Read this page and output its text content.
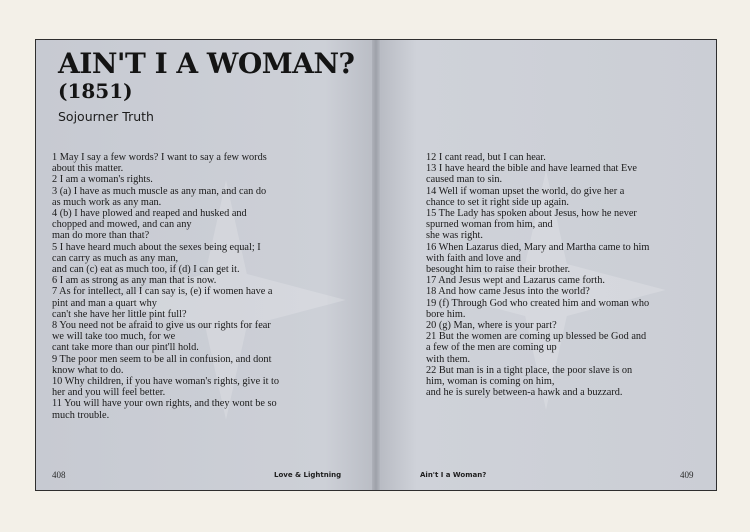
AIN'T I A WOMAN?
(1851)
Sojourner Truth
1 May I say a few words? I want to say a few words
about this matter.
2 I am a woman's rights.
3 (a) I have as much muscle as any man, and can do
as much work as any man.
4 (b) I have plowed and reaped and husked and
chopped and mowed, and can any
man do more than that?
5 I have heard much about the sexes being equal; I
can carry as much as any man,
and can (c) eat as much too, if (d) I can get it.
6 I am as strong as any man that is now.
7 As for intellect, all I can say is, (e) if women have a
pint and man a quart why
can't she have her little pint full?
8 You need not be afraid to give us our rights for fear
we will take too much, for we
cant take more than our pint'll hold.
9 The poor men seem to be all in confusion, and dont
know what to do.
10 Why children, if you have woman's rights, give it to
her and you will feel better.
11 You will have your own rights, and they wont be so
much trouble.
408	Love & Lightning
12 I cant read, but I can hear.
13 I have heard the bible and have learned that Eve
caused man to sin.
14 Well if woman upset the world, do give her a
chance to set it right side up again.
15 The Lady has spoken about Jesus, how he never
spurned woman from him, and
she was right.
16 When Lazarus died, Mary and Martha came to him
with faith and love and
besought him to raise their brother.
17 And Jesus wept and Lazarus came forth.
18 And how came Jesus into the world?
19 (f) Through God who created him and woman who
bore him.
20 (g) Man, where is your part?
21 But the women are coming up blessed be God and
a few of the men are coming up
with them.
22 But man is in a tight place, the poor slave is on
him, woman is coming on him,
and he is surely between-a hawk and a buzzard.
Ain't I a Woman?	409
